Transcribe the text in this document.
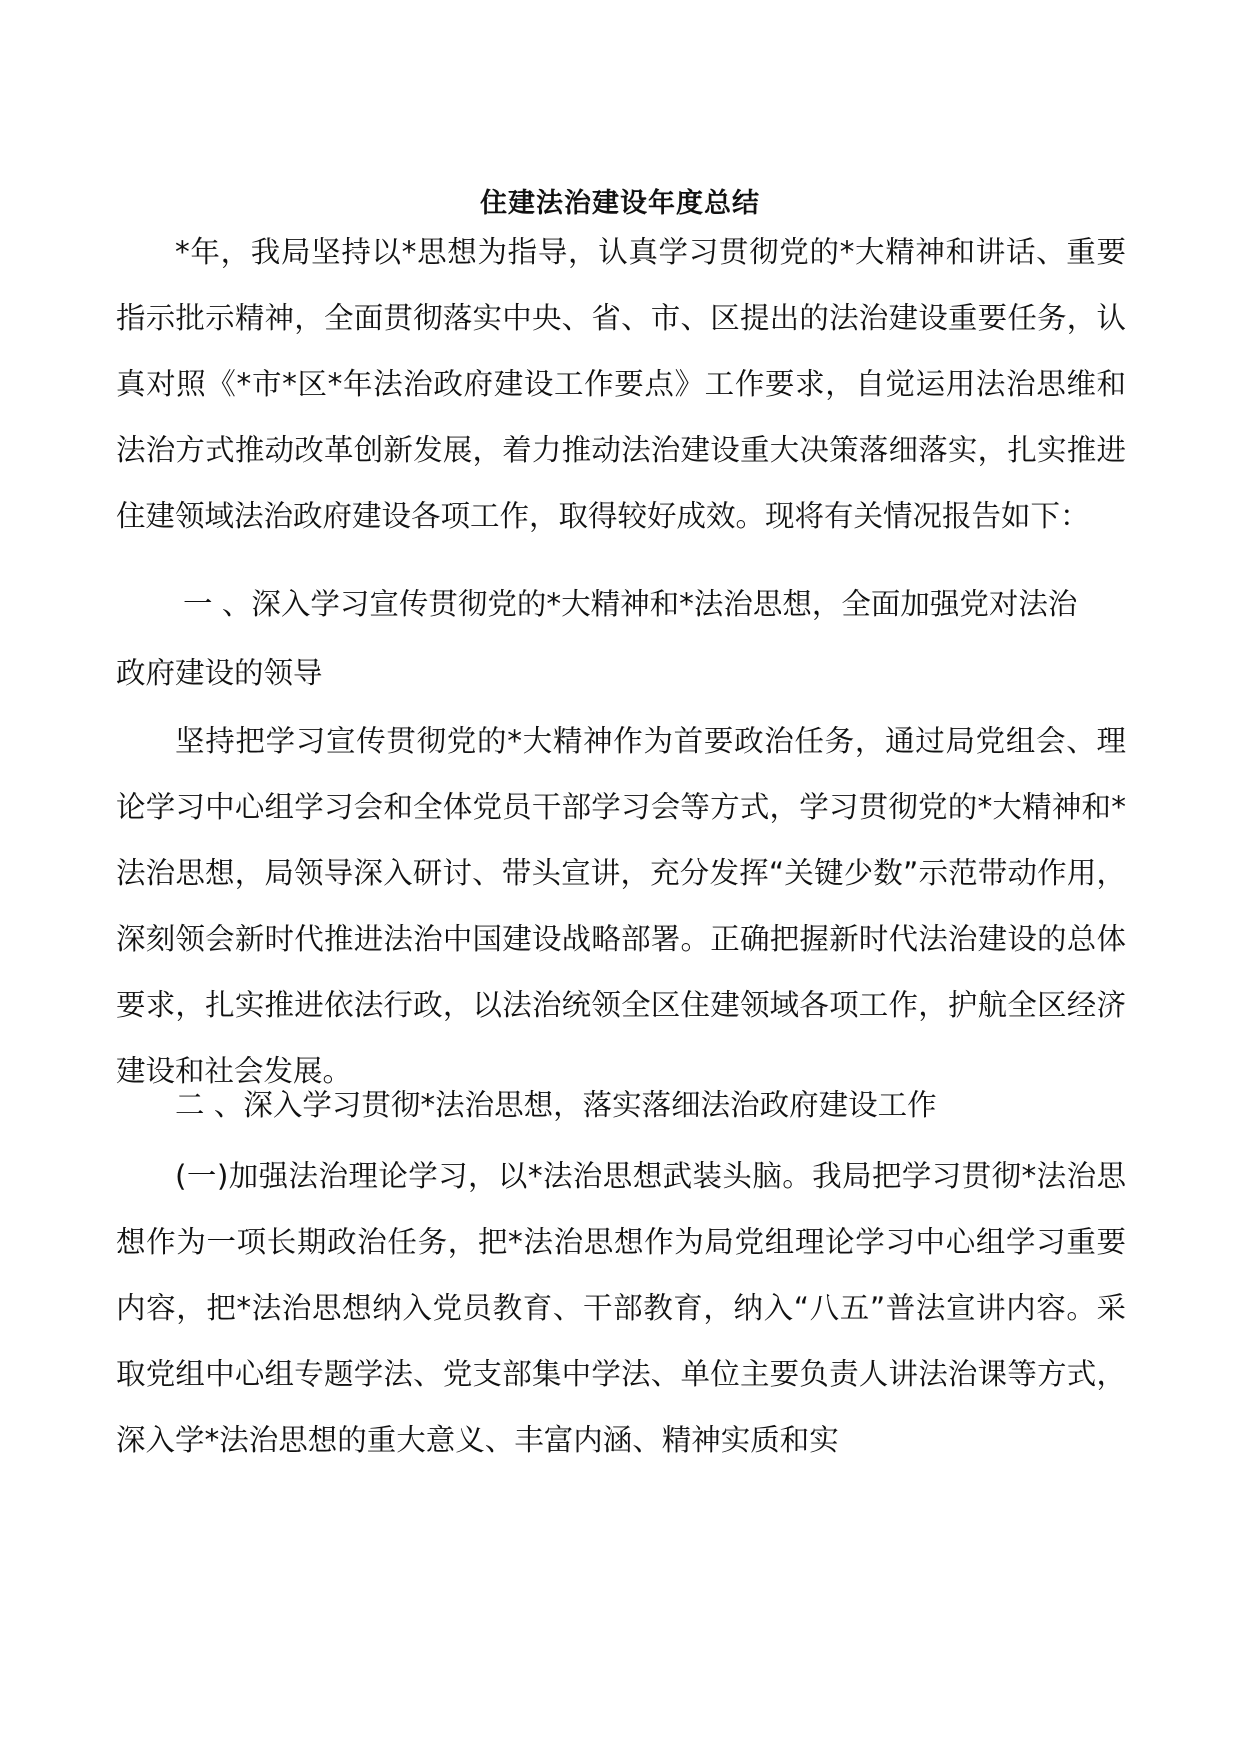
住建法治建设年度总结

*年，我局坚持以*思想为指导，认真学习贯彻党的*大精神和讲话、重要指示批示精神，全面贯彻落实中央、省、市、区提出的法治建设重要任务，认真对照《*市*区*年法治政府建设工作要点》工作要求，自觉运用法治思维和法治方式推动改革创新发展，着力推动法治建设重大决策落细落实，扎实推进住建领域法治政府建设各项工作，取得较好成效。现将有关情况报告如下：

一 、深入学习宣传贯彻党的*大精神和*法治思想，全面加强党对法治

政府建设的领导

坚持把学习宣传贯彻党的*大精神作为首要政治任务，通过局党组会、理论学习中心组学习会和全体党员干部学习会等方式，学习贯彻党的*大精神和*法治思想，局领导深入研讨、带头宣讲，充分发挥“关键少数”示范带动作用，深刻领会新时代推进法治中国建设战略部署。正确把握新时代法治建设的总体要求，扎实推进依法行政，以法治统领全区住建领域各项工作，护航全区经济建设和社会发展。

二 、深入学习贯彻*法治思想，落实落细法治政府建设工作

(一)加强法治理论学习，以*法治思想武装头脑。我局把学习贯彻*法治思想作为一项长期政治任务，把*法治思想作为局党组理论学习中心组学习重要内容，把*法治思想纳入党员教育、干部教育，纳入“八五”普法宣讲内容。采取党组中心组专题学法、党支部集中学法、单位主要负责人讲法治课等方式，深入学*法治思想的重大意义、丰富内涵、精神实质和实
